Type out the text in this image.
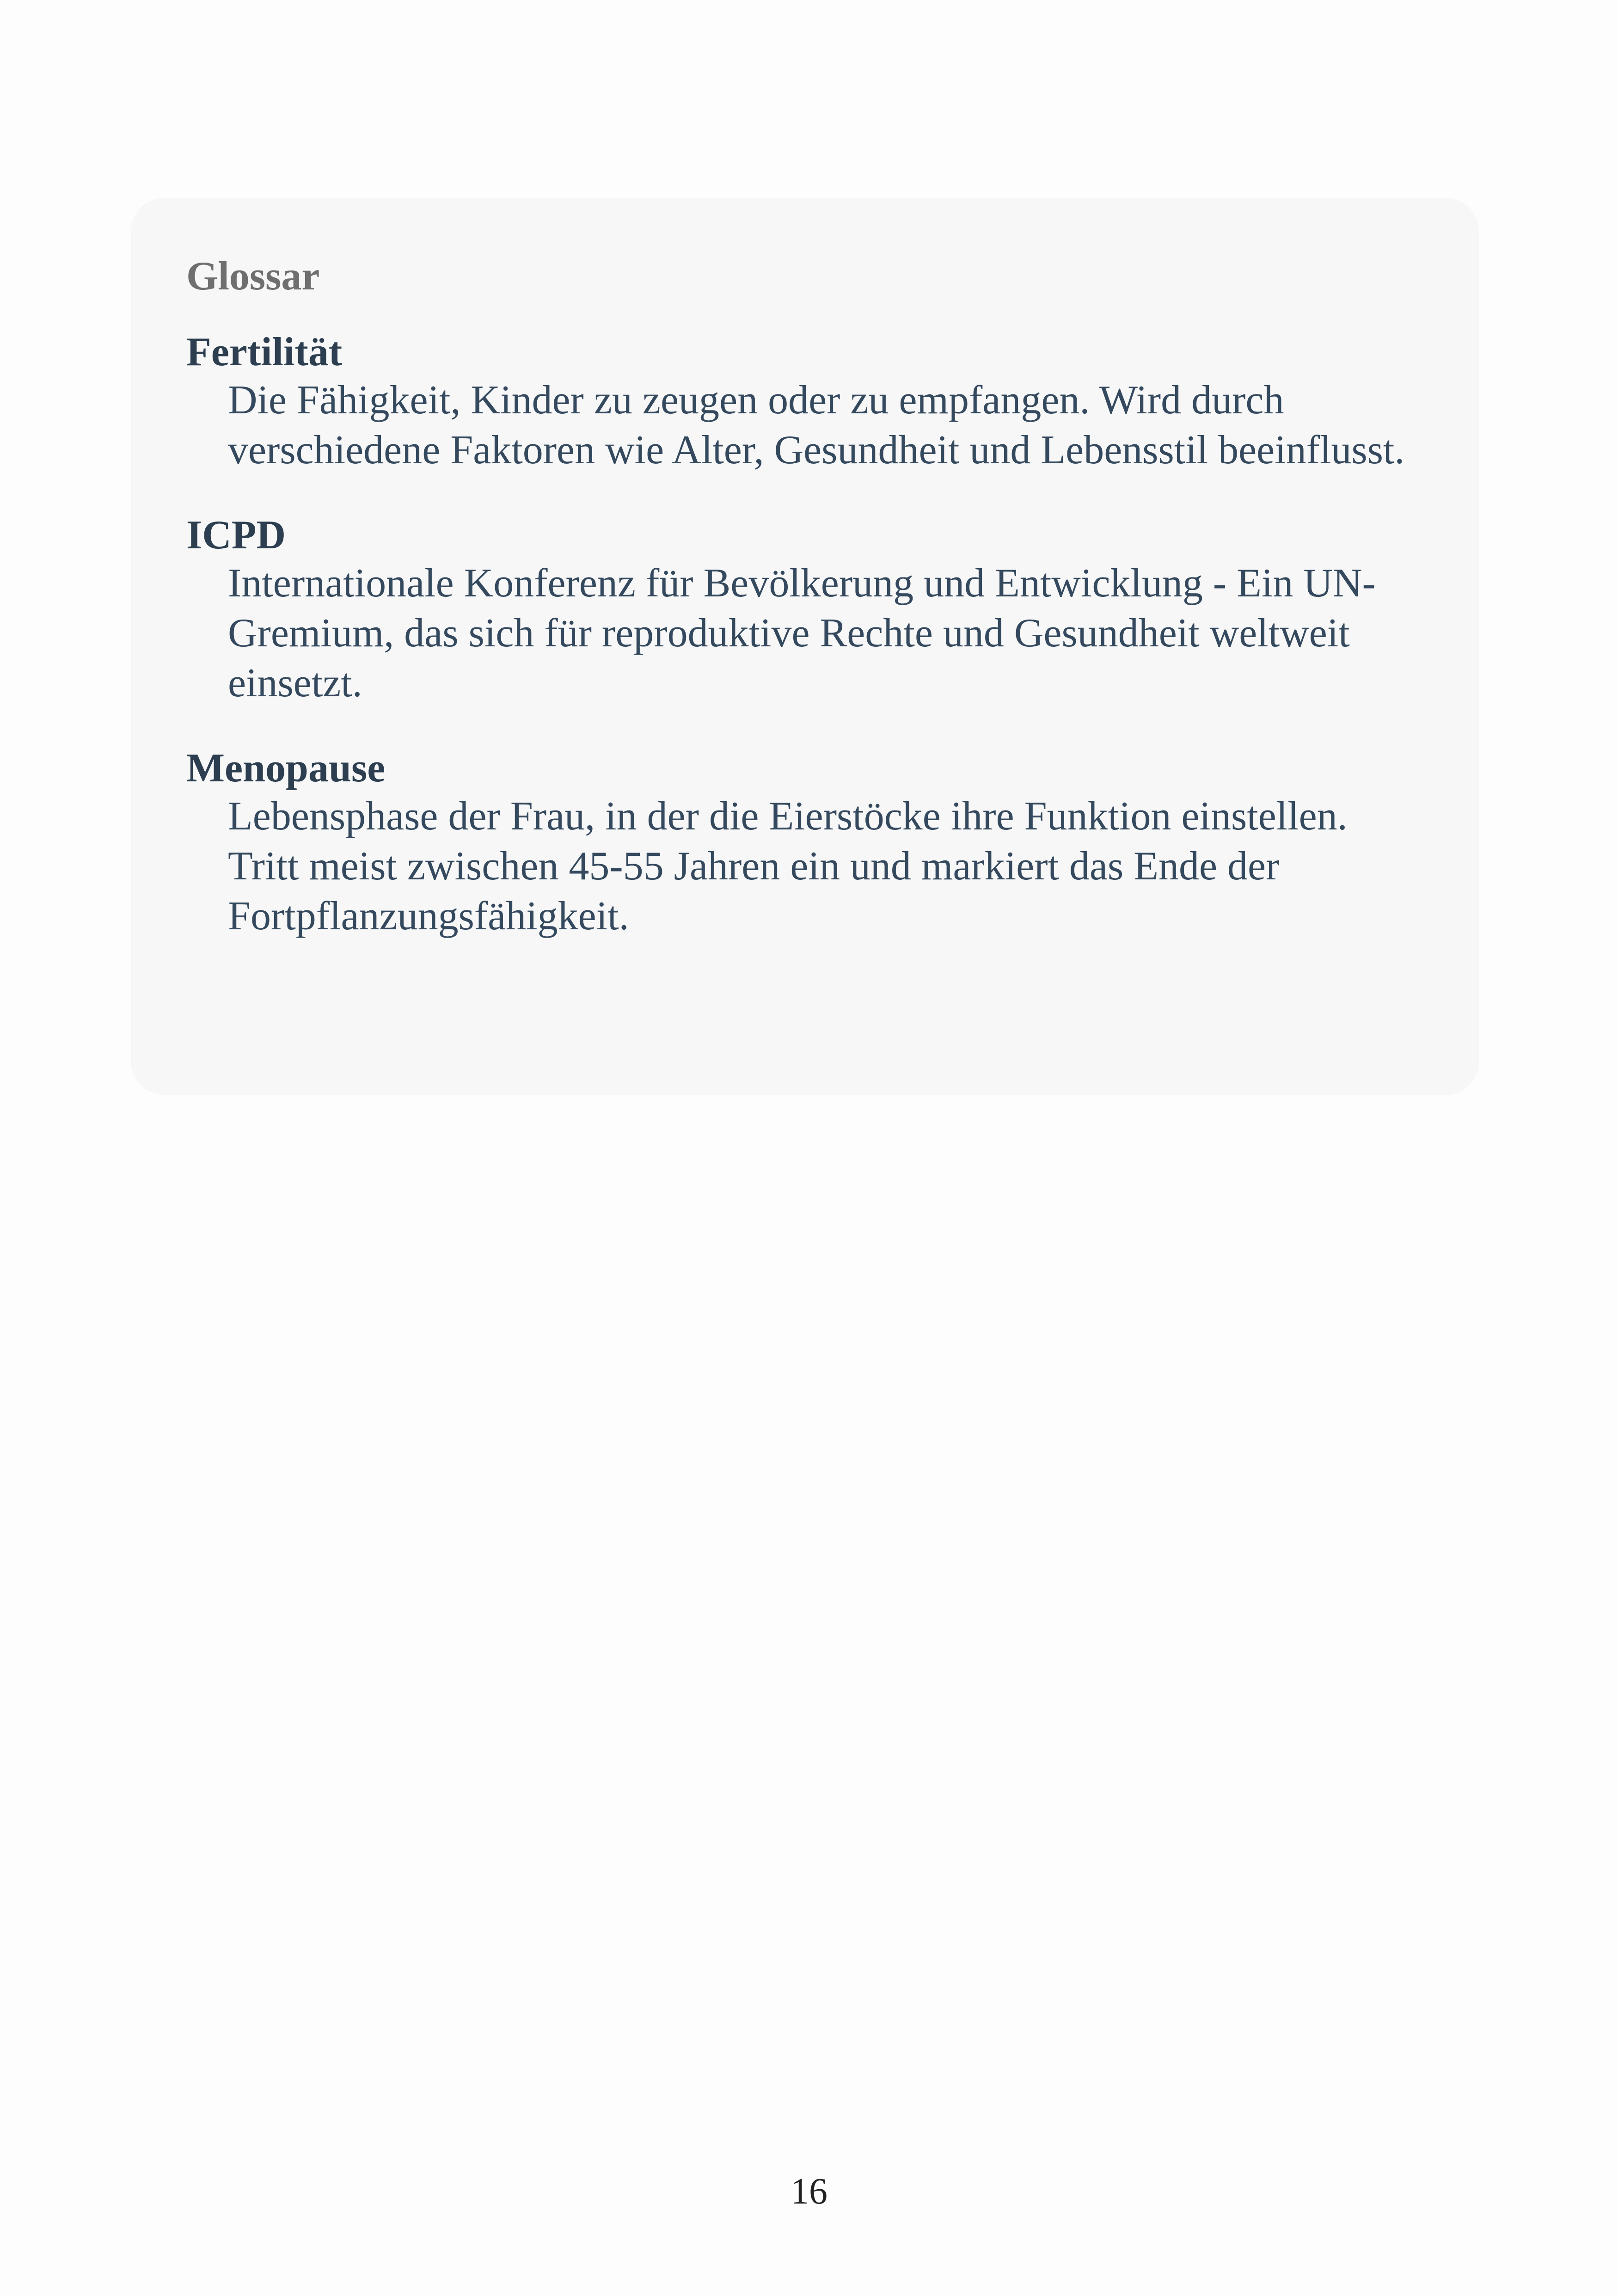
Glossar
Fertilität
Die Fähigkeit, Kinder zu zeugen oder zu empfangen. Wird durch verschiedene Faktoren wie Alter, Gesundheit und Lebensstil beeinflusst.
ICPD
Internationale Konferenz für Bevölkerung und Entwicklung - Ein UN-Gremium, das sich für reproduktive Rechte und Gesundheit weltweit einsetzt.
Menopause
Lebensphase der Frau, in der die Eierstöcke ihre Funktion einstellen. Tritt meist zwischen 45-55 Jahren ein und markiert das Ende der Fortpflanzungsfähigkeit.
16
